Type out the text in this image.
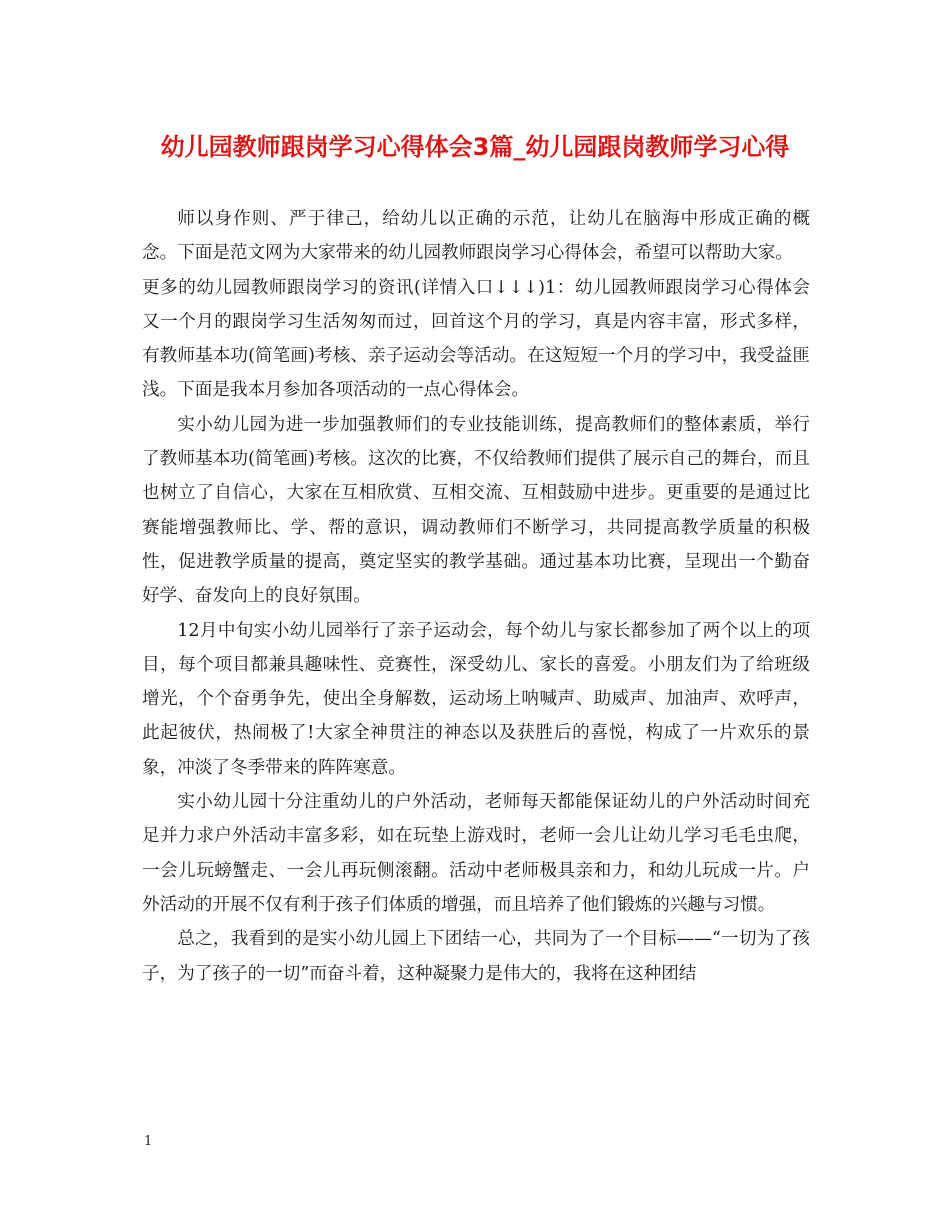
幼儿园教师跟岗学习心得体会3篇_幼儿园跟岗教师学习心得

师以身作则、严于律己，给幼儿以正确的示范，让幼儿在脑海中形成正确的概念。下面是范文网为大家带来的幼儿园教师跟岗学习心得体会，希望可以帮助大家。

更多的幼儿园教师跟岗学习的资讯(详情入口↓↓↓)1：幼儿园教师跟岗学习心得体会　　又一个月的跟岗学习生活匆匆而过，回首这个月的学习，真是内容丰富，形式多样，有教师基本功(简笔画)考核、亲子运动会等活动。在这短短一个月的学习中，我受益匪浅。下面是我本月参加各项活动的一点心得体会。

实小幼儿园为进一步加强教师们的专业技能训练，提高教师们的整体素质，举行了教师基本功(简笔画)考核。这次的比赛，不仅给教师们提供了展示自己的舞台，而且也树立了自信心，大家在互相欣赏、互相交流、互相鼓励中进步。更重要的是通过比赛能增强教师比、学、帮的意识，调动教师们不断学习，共同提高教学质量的积极性，促进教学质量的提高，奠定坚实的教学基础。通过基本功比赛，呈现出一个勤奋好学、奋发向上的良好氛围。

12月中旬实小幼儿园举行了亲子运动会，每个幼儿与家长都参加了两个以上的项目，每个项目都兼具趣味性、竞赛性，深受幼儿、家长的喜爱。小朋友们为了给班级增光，个个奋勇争先，使出全身解数，运动场上呐喊声、助威声、加油声、欢呼声，此起彼伏，热闹极了!大家全神贯注的神态以及获胜后的喜悦，构成了一片欢乐的景象，冲淡了冬季带来的阵阵寒意。

实小幼儿园十分注重幼儿的户外活动，老师每天都能保证幼儿的户外活动时间充足并力求户外活动丰富多彩，如在玩垫上游戏时，老师一会儿让幼儿学习毛毛虫爬，一会儿玩螃蟹走、一会儿再玩侧滚翻。活动中老师极具亲和力，和幼儿玩成一片。户外活动的开展不仅有利于孩子们体质的增强，而且培养了他们锻炼的兴趣与习惯。

总之，我看到的是实小幼儿园上下团结一心，共同为了一个目标——“一切为了孩子，为了孩子的一切”而奋斗着，这种凝聚力是伟大的，我将在这种团结

1
